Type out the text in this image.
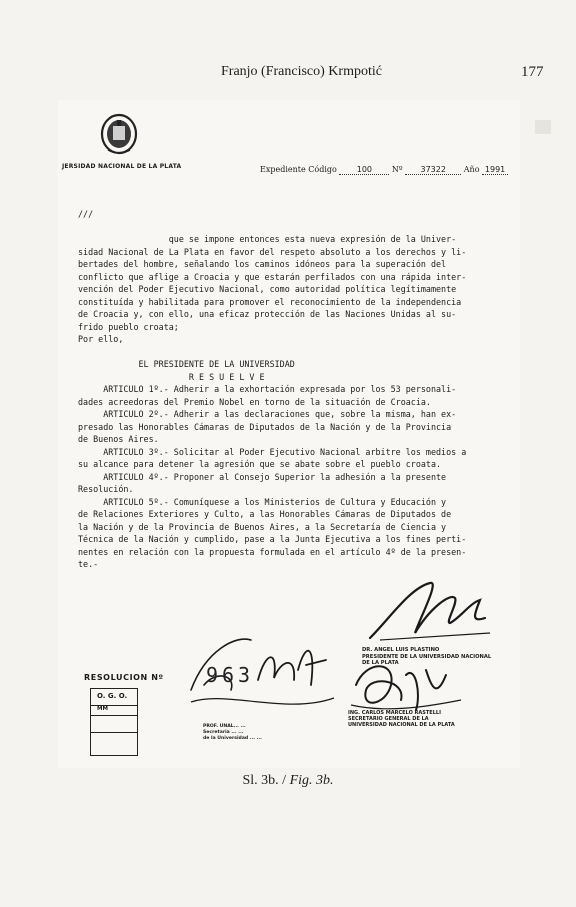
Franjo (Francisco) Krmpotić	177
JERSIDAD NACIONAL DE LA PLATA	Expediente Código 100 Nº 37322 Año 1991
///
que se impone entonces esta nueva expresión de la Univer-
sidad Nacional de La Plata en favor del respeto absoluto a los derechos y li-
bertades del hombre, señalando los caminos idóneos para la superación del
conflicto que aflige a Croacia y que estarán perfilados con una rápida inter-
vención del Poder Ejecutivo Nacional, como autoridad política legítimamente
constituída y habilitada para promover el reconocimiento de la independencia
de Croacia y, con ello, una eficaz protección de las Naciones Unidas al su-
frido pueblo croata;
Por ello,
EL PRESIDENTE DE LA UNIVERSIDAD
R E S U E L V E
ARTICULO 1º.- Adherir a la exhortación expresada por los 53 personali-
dades acreedoras del Premio Nobel en torno de la situación de Croacia.
ARTICULO 2º.- Adherir a las declaraciones que, sobre la misma, han ex-
presado las Honorables Cámaras de Diputados de la Nación y de la Provincia
de Buenos Aires.
ARTICULO 3º.- Solicitar al Poder Ejecutivo Nacional arbitre los medios a
su alcance para detener la agresión que se abate sobre el pueblo croata.
ARTICULO 4º.- Proponer al Consejo Superior la adhesión a la presente
Resolución.
ARTICULO 5º.- Comuníquese a los Ministerios de Cultura y Educación y
de Relaciones Exteriores y Culto, a las Honorables Cámaras de Diputados de
la Nación y de la Provincia de Buenos Aires, a la Secretaría de Ciencia y
Técnica de la Nación y cumplido, pase a la Junta Ejecutiva a los fines perti-
nentes en relación con la propuesta formulada en el artículo 4º de la presen-
te.-
DR. ANGEL LUIS PLASTINO
PRESIDENTE DE LA UNIVERSIDAD NACIONAL
DE LA PLATA
RESOLUCION Nº
O. G. O.
MM
9 6 3
PROF. UNAL... ...
Secretaria ... ...
de la Universidad ... ...
ING. CARLOS MARCELO RASTELLI
SECRETARIO GENERAL DE LA
UNIVERSIDAD NACIONAL DE LA PLATA
Sl. 3b. / Fig. 3b.
